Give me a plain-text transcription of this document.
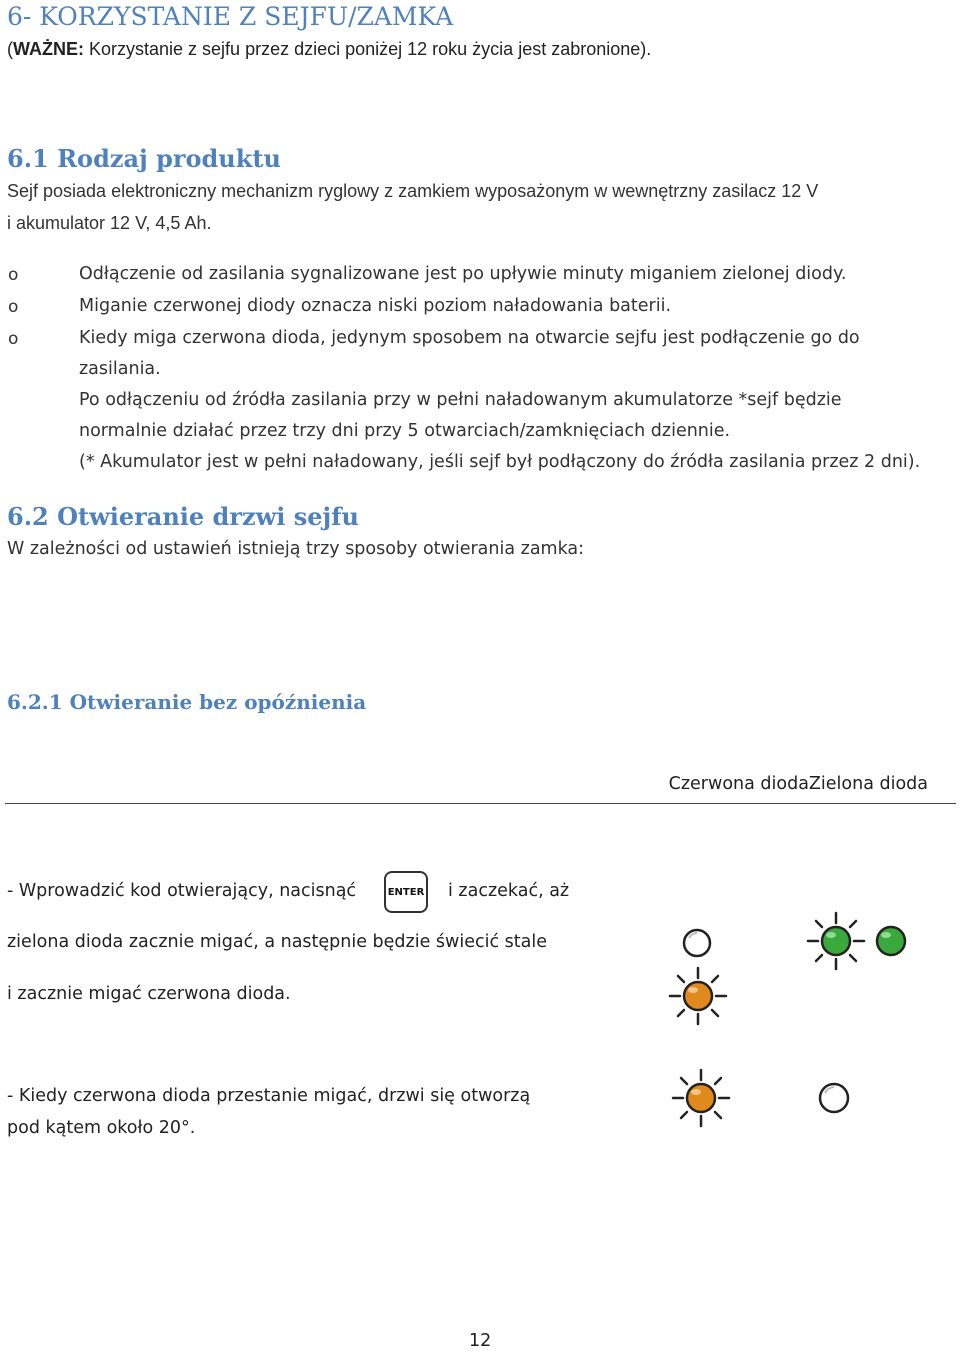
6- KORZYSTANIE Z SEJFU/ZAMKA
(WAŻNE: Korzystanie z sejfu przez dzieci poniżej 12 roku życia jest zabronione).
6.1 Rodzaj produktu
Sejf posiada elektroniczny mechanizm ryglowy z zamkiem wyposażonym w wewnętrzny zasilacz 12 V
i akumulator 12 V, 4,5 Ah.
o	Odłączenie od zasilania sygnalizowane jest po upływie minuty miganiem zielonej diody.
o	Miganie czerwonej diody oznacza niski poziom naładowania baterii.
o	Kiedy miga czerwona dioda, jedynym sposobem na otwarcie sejfu jest podłączenie go do
zasilania.
Po odłączeniu od źródła zasilania przy w pełni naładowanym akumulatorze *sejf będzie
normalnie działać przez trzy dni przy 5 otwarciach/zamknięciach dziennie.
(* Akumulator jest w pełni naładowany, jeśli sejf był podłączony do źródła zasilania przez 2 dni).
6.2 Otwieranie drzwi sejfu
W zależności od ustawień istnieją trzy sposoby otwierania zamka:
6.2.1 Otwieranie bez opóźnienia
Czerwona diodaZielona dioda
- Wprowadzić kod otwierający, nacisnąć	ENTER i zaczekać, aż
zielona dioda zacznie migać, a następnie będzie świecić stale
i zacznie migać czerwona dioda.
- Kiedy czerwona dioda przestanie migać, drzwi się otworzą
pod kątem około 20°.
12
